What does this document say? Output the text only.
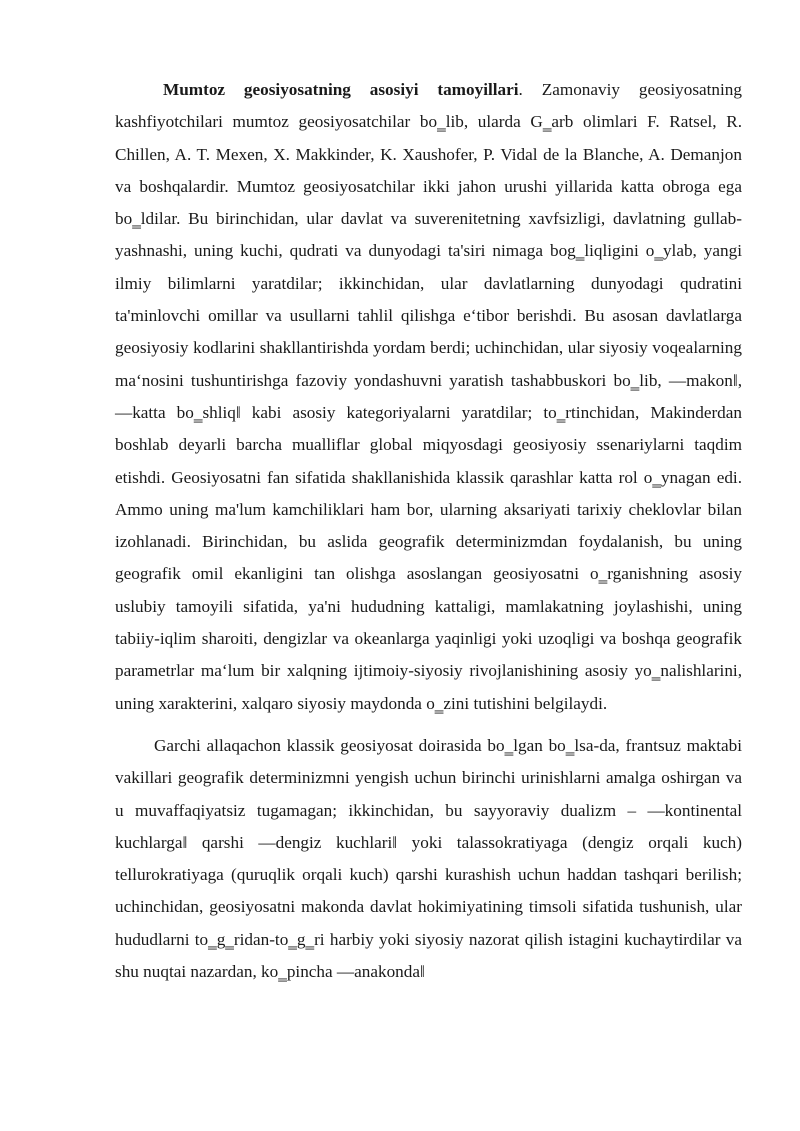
Mumtoz geosiyosatning asosiyi tamoyillari. Zamonaviy geosiyosatning kashfiyotchilari mumtoz geosiyosatchilar bo‗lib, ularda G‗arb olimlari F. Ratsel, R. Chillen, A. T. Mexen, X. Makkinder, K. Xaushofer, P. Vidal de la Blanche, A. Demanjon va boshqalardir. Mumtoz geosiyosatchilar ikki jahon urushi yillarida katta obroga ega bo‗ldilar. Bu birinchidan, ular davlat va suverenitetning xavfsizligi, davlatning gullab-yashnashi, uning kuchi, qudrati va dunyodagi ta'siri nimaga bog‗liqligini o‗ylab, yangi ilmiy bilimlarni yaratdilar; ikkinchidan, ular davlatlarning dunyodagi qudratini ta'minlovchi omillar va usullarni tahlil qilishga e‘tibor berishdi. Bu asosan davlatlarga geosiyosiy kodlarini shakllantirishda yordam berdi; uchinchidan, ular siyosiy voqealarning ma‘nosini tushuntirishga fazoviy yondashuvni yaratish tashabbuskori bo‗lib, ―makon‖, ―katta bo‗shliq‖ kabi asosiy kategoriyalarni yaratdilar; to‗rtinchidan, Makinderdan boshlab deyarli barcha mualliflar global miqyosdagi geosiyosiy ssenariylarni taqdim etishdi. Geosiyosatni fan sifatida shakllanishida klassik qarashlar katta rol o‗ynagan edi. Ammo uning ma'lum kamchiliklari ham bor, ularning aksariyati tarixiy cheklovlar bilan izohlanadi. Birinchidan, bu aslida geografik determinizmdan foydalanish, bu uning geografik omil ekanligini tan olishga asoslangan geosiyosatni o‗rganishning asosiy uslubiy tamoyili sifatida, ya'ni hududning kattaligi, mamlakatning joylashishi, uning tabiiy-iqlim sharoiti, dengizlar va okeanlarga yaqinligi yoki uzoqligi va boshqa geografik parametrlar ma‘lum bir xalqning ijtimoiy-siyosiy rivojlanishining asosiy yo‗nalishlarini, uning xarakterini, xalqaro siyosiy maydonda o‗zini tutishini belgilaydi.

Garchi allaqachon klassik geosiyosat doirasida bo‗lgan bo‗lsa-da, frantsuz maktabi vakillari geografik determinizmni yengish uchun birinchi urinishlarni amalga oshirgan va u muvaffaqiyatsiz tugamagan; ikkinchidan, bu sayyoraviy dualizm – ―kontinental kuchlarga‖ qarshi ―dengiz kuchlari‖ yoki talassokratiyaga (dengiz orqali kuch) tellurokratiyaga (quruqlik orqali kuch) qarshi kurashish uchun haddan tashqari berilish; uchinchidan, geosiyosatni makonda davlat hokimiyatining timsoli sifatida tushunish, ular hududlarni to‗g‗ridan-to‗g‗ri harbiy yoki siyosiy nazorat qilish istagini kuchaytirdilar va shu nuqtai nazardan, ko‗pincha ―anakonda‖
